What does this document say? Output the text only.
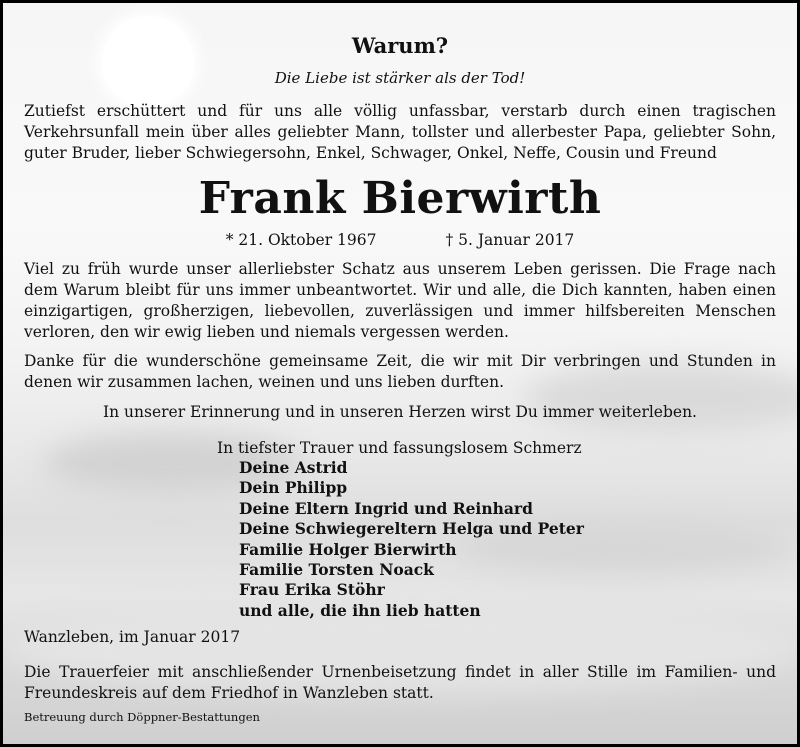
Warum?
Die Liebe ist stärker als der Tod!
Zutiefst erschüttert und für uns alle völlig unfassbar, verstarb durch einen tragischen Verkehrsunfall mein über alles geliebter Mann, tollster und allerbester Papa, geliebter Sohn, guter Bruder, lieber Schwiegersohn, Enkel, Schwager, Onkel, Neffe, Cousin und Freund
Frank Bierwirth
* 21. Oktober 1967	† 5. Januar 2017
Viel zu früh wurde unser allerliebster Schatz aus unserem Leben gerissen. Die Frage nach dem Warum bleibt für uns immer unbeantwortet. Wir und alle, die Dich kannten, haben einen einzigartigen, großherzigen, liebevollen, zuverlässigen und immer hilfsbereiten Menschen verloren, den wir ewig lieben und niemals vergessen werden.
Danke für die wunderschöne gemeinsame Zeit, die wir mit Dir verbringen und Stunden in denen wir zusammen lachen, weinen und uns lieben durften.
In unserer Erinnerung und in unseren Herzen wirst Du immer weiterleben.
In tiefster Trauer und fassungslosem Schmerz
Deine Astrid
Dein Philipp
Deine Eltern Ingrid und Reinhard
Deine Schwiegereltern Helga und Peter
Familie Holger Bierwirth
Familie Torsten Noack
Frau Erika Stöhr
und alle, die ihn lieb hatten
Wanzleben, im Januar 2017
Die Trauerfeier mit anschließender Urnenbeisetzung findet in aller Stille im Familien- und Freundeskreis auf dem Friedhof in Wanzleben statt.
Betreuung durch Döppner-Bestattungen
